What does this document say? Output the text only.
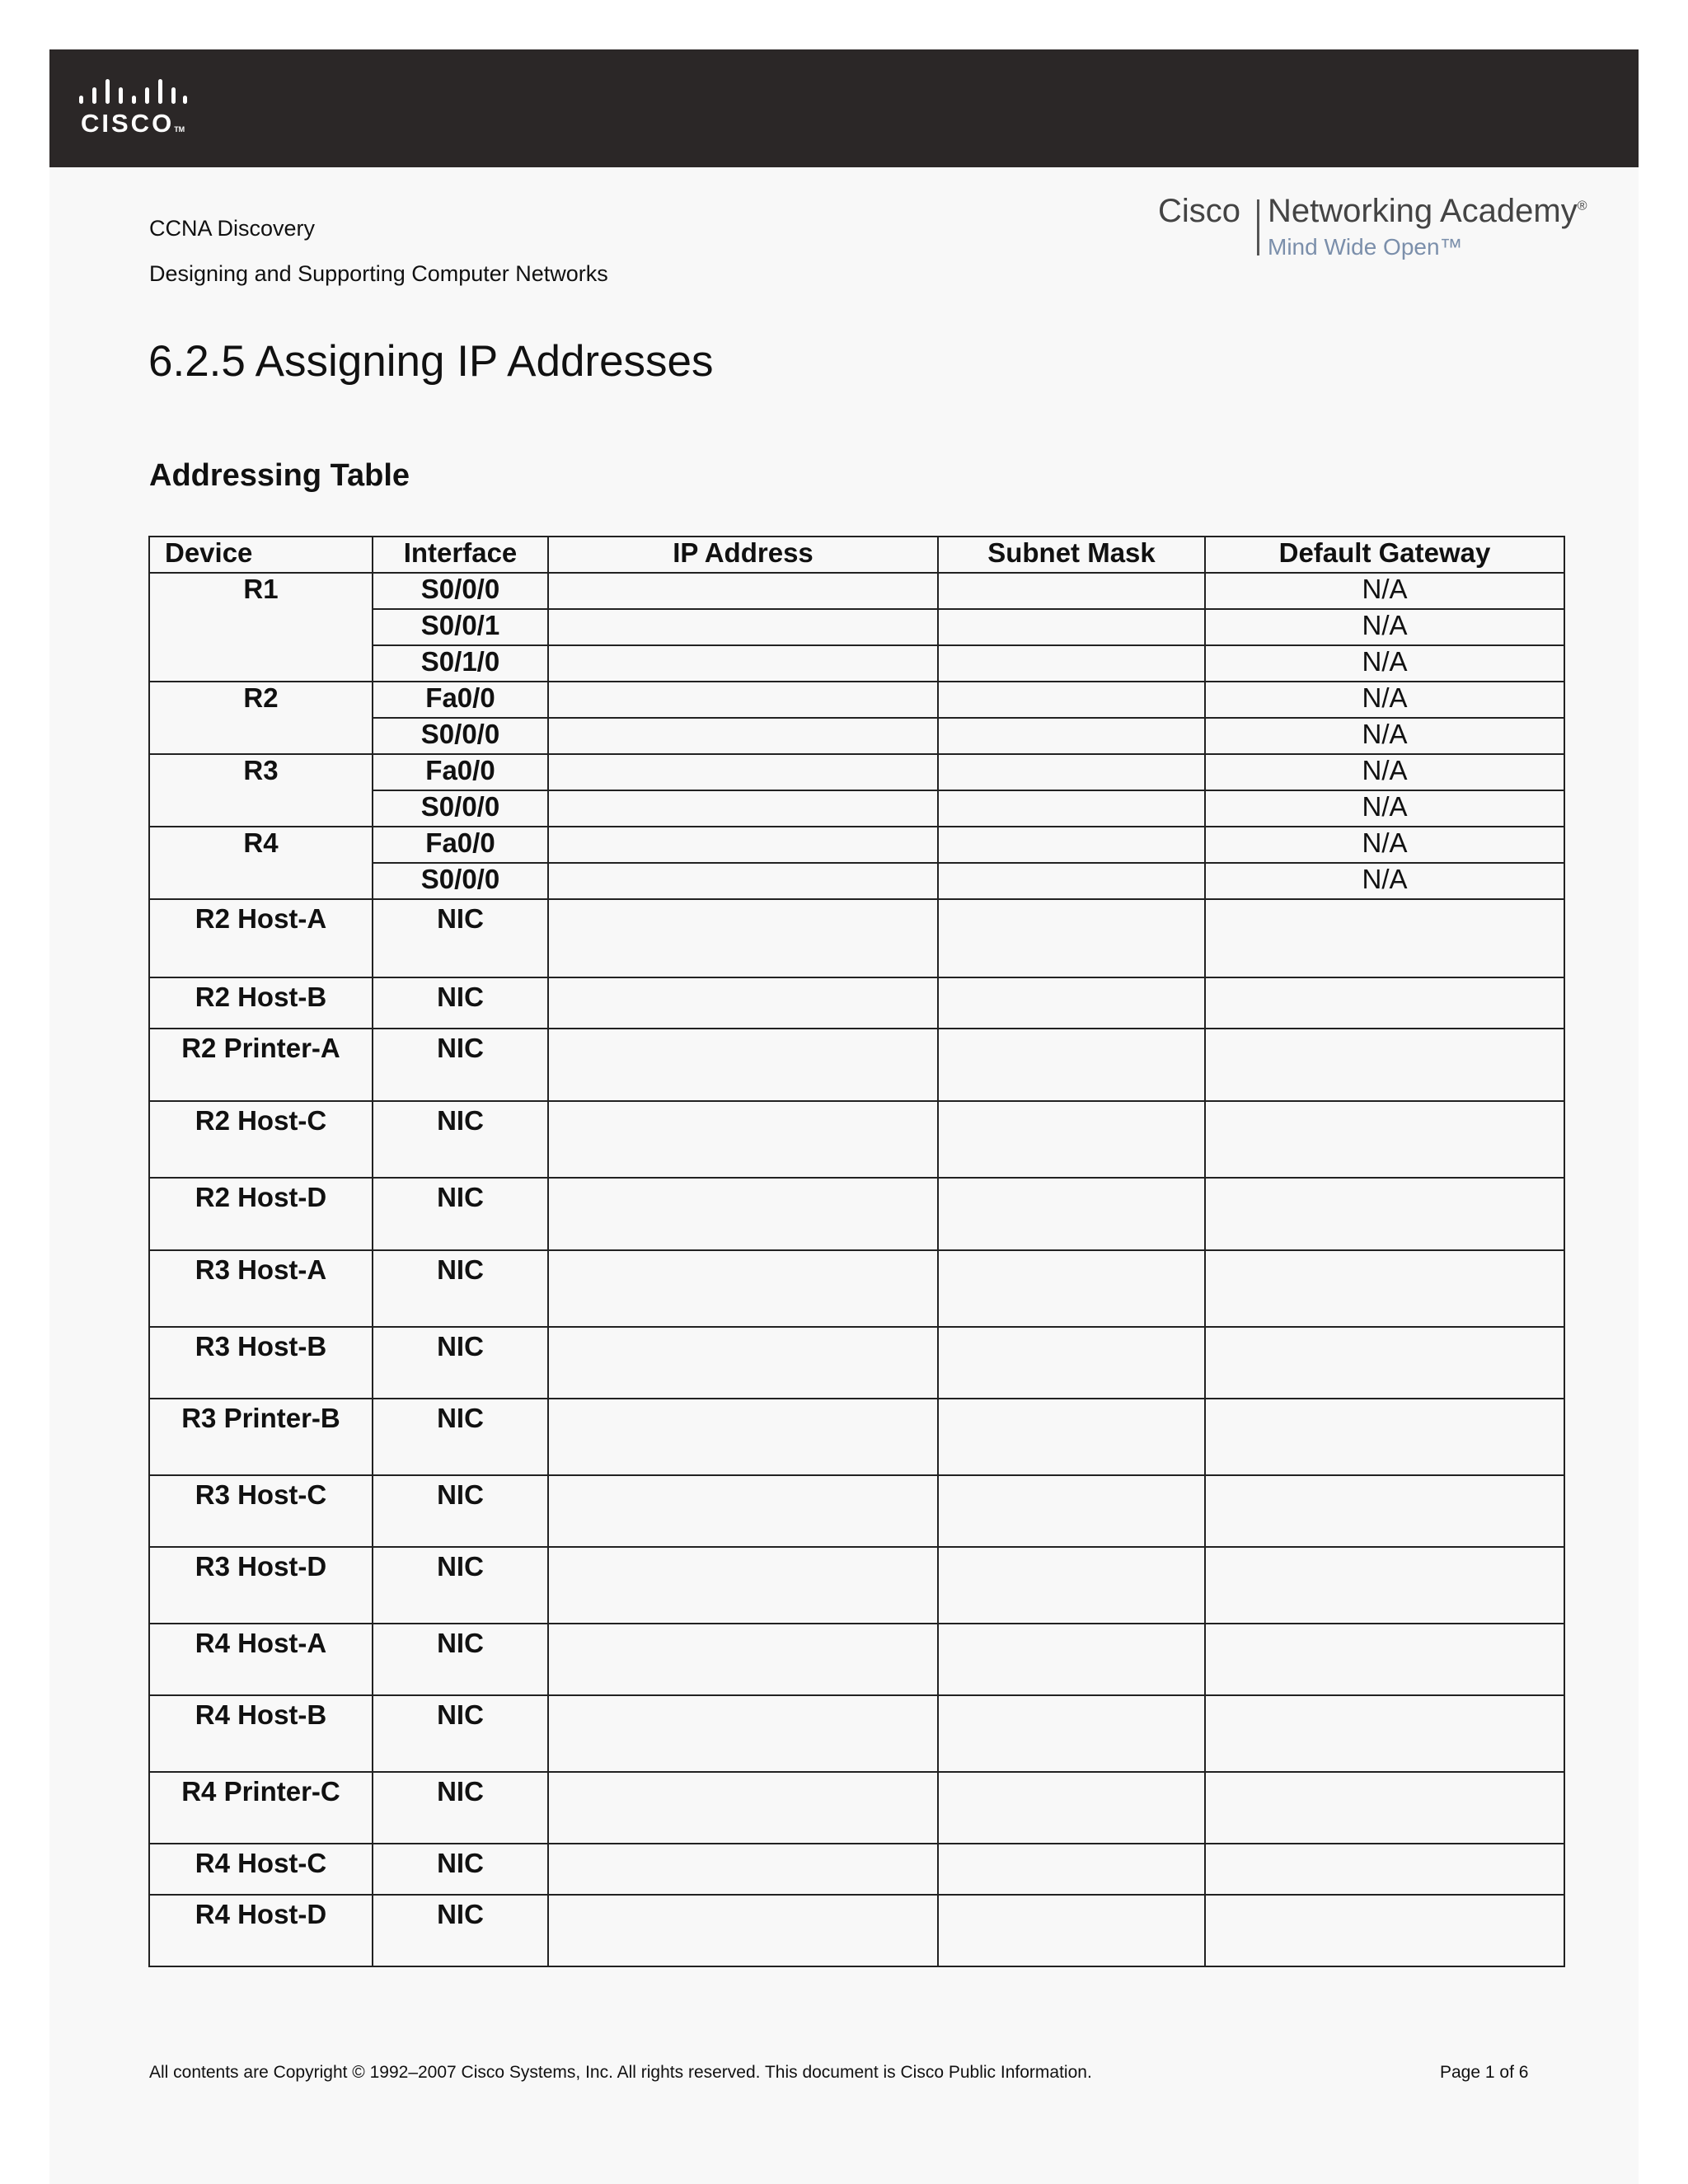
CISCOTM
CCNA Discovery
Designing and Supporting Computer Networks
Cisco Networking Academy®
Mind Wide Open™
6.2.5 Assigning IP Addresses
Addressing Table
Device	Interface	IP Address	Subnet Mask	Default Gateway
R1	S0/0/0			N/A
	S0/0/1			N/A
	S0/1/0			N/A
R2	Fa0/0			N/A
	S0/0/0			N/A
R3	Fa0/0			N/A
	S0/0/0			N/A
R4	Fa0/0			N/A
	S0/0/0			N/A
R2 Host-A	NIC			
R2 Host-B	NIC			
R2 Printer-A	NIC			
R2 Host-C	NIC			
R2 Host-D	NIC			
R3 Host-A	NIC			
R3 Host-B	NIC			
R3 Printer-B	NIC			
R3 Host-C	NIC			
R3 Host-D	NIC			
R4 Host-A	NIC			
R4 Host-B	NIC			
R4 Printer-C	NIC			
R4 Host-C	NIC			
R4 Host-D	NIC			
All contents are Copyright © 1992–2007 Cisco Systems, Inc. All rights reserved. This document is Cisco Public Information.	Page 1 of 6
